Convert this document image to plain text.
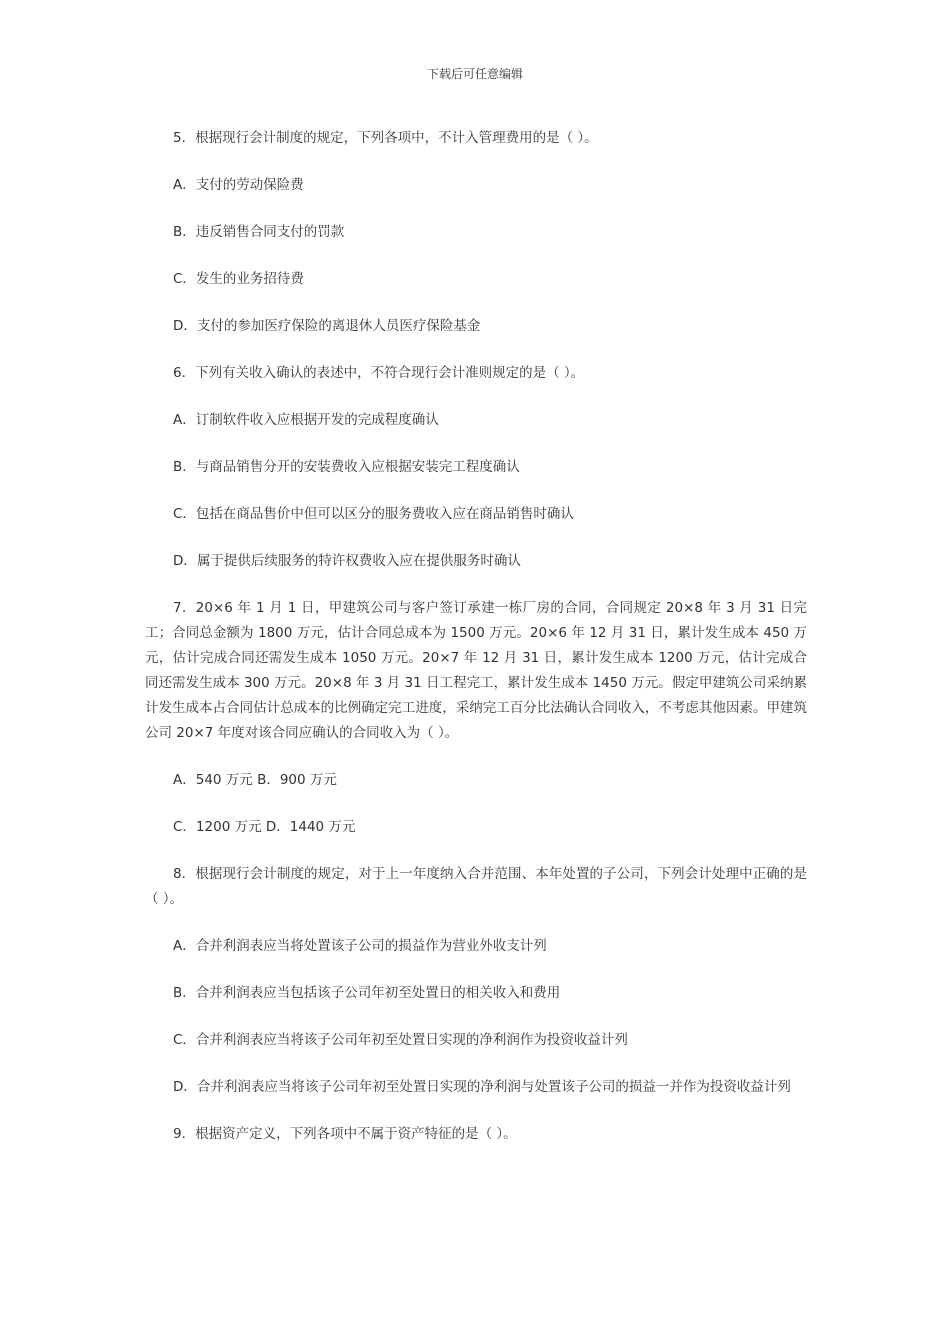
下载后可任意编辑

5．根据现行会计制度的规定，下列各项中，不计入管理费用的是（ ）。

A．支付的劳动保险费

B．违反销售合同支付的罚款

C．发生的业务招待费

D．支付的参加医疗保险的离退休人员医疗保险基金

6．下列有关收入确认的表述中，不符合现行会计准则规定的是（ ）。

A．订制软件收入应根据开发的完成程度确认

B．与商品销售分开的安装费收入应根据安装完工程度确认

C．包括在商品售价中但可以区分的服务费收入应在商品销售时确认

D．属于提供后续服务的特许权费收入应在提供服务时确认

7．20×6 年 1 月 1 日，甲建筑公司与客户签订承建一栋厂房的合同，合同规定 20×8 年 3 月 31 日完工；合同总金额为 1800 万元，估计合同总成本为 1500 万元。20×6 年 12 月 31 日，累计发生成本 450 万元，估计完成合同还需发生成本 1050 万元。20×7 年 12 月 31 日，累计发生成本 1200 万元，估计完成合同还需发生成本 300 万元。20×8 年 3 月 31 日工程完工，累计发生成本 1450 万元。假定甲建筑公司采纳累计发生成本占合同估计总成本的比例确定完工进度，采纳完工百分比法确认合同收入，不考虑其他因素。甲建筑公司 20×7 年度对该合同应确认的合同收入为（ ）。

A．540 万元 B．900 万元

C．1200 万元 D．1440 万元

8．根据现行会计制度的规定，对于上一年度纳入合并范围、本年处置的子公司，下列会计处理中正确的是（ ）。

A．合并利润表应当将处置该子公司的损益作为营业外收支计列

B．合并利润表应当包括该子公司年初至处置日的相关收入和费用

C．合并利润表应当将该子公司年初至处置日实现的净利润作为投资收益计列

D．合并利润表应当将该子公司年初至处置日实现的净利润与处置该子公司的损益一并作为投资收益计列

9．根据资产定义，下列各项中不属于资产特征的是（ ）。
